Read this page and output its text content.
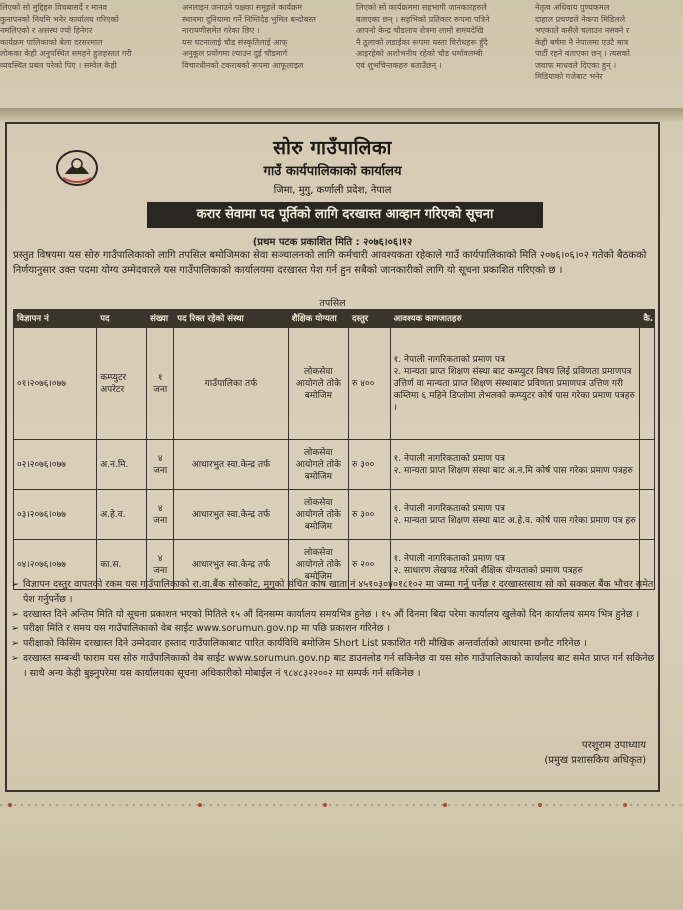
लिएको सो मुद्दिहरु विचबासर्दे र मानव
कुनापनको नियमि भनेर कार्यालय गरिएको
नमलिएको र असंस्थ ज्यो हिनेगर
कार्यक्रम पालिकाको बेला दरसरमाल
लोकका केही अनुपस्थित समहने हुलहस्तत गरी
व्यवस्थित प्रबल परेको पिए । सम्वेल केही
अनलाइन जनाउने पक्षका समूहले कार्यक्रम
स्थानमा दुनियामा गर्ने निम्तिदेइ भुमित बन्दोबस्त
नारायणीसमेत गरेका छिए ।
यस घटनालाई चौड संस्कृतिलाई आफ्
अनुकूल प्रयोगमा ल्याउन दुई चौडमार्ग
विचारधीनको टकराबको रूपमा आफूलाइल
लिएको सो कार्यक्रममा सहभागी जानकारहरुले
बताएका छन् । सहभिको प्रतिकार रूपमा पत्रिने
आफ्नो केन्द्र चौडलाय शेत्रमा लामो समयदेखि
नै ठूलाको लडाईका रूपमा यस्ता विरोधहरू हुँदै
आइरहेको अशोभनीय रहेको चौड धर्मावलम्बी
एवं शुभचिन्तकहरु बताउँछन् ।
नेतृत्व अधिवाय पुण्यकमल
दाहाल प्रचण्डले नेकपा मिडिलले
भएकाले कसैले चलाउन नसक्ने र
केही बर्षमा नै नेपालमा एउटै मात्र
पार्टी रहने बताएका छन् । त्यसको
जवाफ माधवले दिएका हुन् ।
मिडियाको गजेबाट भनेर
सोरु गाउँपालिका
गाउँ कार्यपालिकाको कार्यालय
जिमा, मुगु, कर्णाली प्रदेश, नेपाल
करार सेवामा पद पूर्तिको लागि दरखास्त आव्हान गरिएको सूचना
(प्रथम पटक प्रकाशित मिति : २०७६।०६।१२
प्रस्तुत विषयमा यस सोरु गाउँपालिकाको लागि तपसिल बमोजिमका सेवा सञ्चालनको लागि कर्मचारी आवश्यकता रहेकाले गाउँ कार्यपालिकाको मिति २०७६।०६।०२ गतेको बैठकको निर्णयानुसार उक्त पदमा योग्य उम्मेदवारले यस गाउँपालिकाको कार्यालयमा दरखास्त पेश गर्न हुन सबैको जानकारीको लागि यो सूचना प्रकाशित गरिएको छ ।
तपसिल
विज्ञापन नं	पद	संख्या	पद रिक्त रहेको संस्था	शैक्षिक योग्यता	दस्तुर	आवश्यक कागजातहरु	कै.
०१।२०७६।०७७	कम्प्युटर अपरेटर	१ जना	गाउँपालिका तर्फ	लोकसेवा आयोगले तोके बमोजिम	रु ४००	१. नेपाली नागरिकताको प्रमाण पत्र
२. मान्यता प्राप्त शिक्षण संस्था बाट कम्प्युटर विषय लिई प्रविणता प्रमाणपत्र उत्तिर्ण वा मान्यता प्राप्त शिक्षण संस्थाबाट प्रविणता प्रमाणपत्र उत्तिण गरी कम्तिमा ६ महिने डिप्लोमा लेभलको कम्प्युटर कोर्ष पास गरेका प्रमाण पत्रहरु ।	
०२।२०७६।०७७	अ.न.मि.	४ जना	आधारभुत स्वा.केन्द्र तर्फ	लोकसेवा आयोगले तोके बमोजिम	रु ३००	१. नेपाली नागरिकताको प्रमाण पत्र
२. मान्यता प्राप्त शिक्षण संस्था बाट अ.न.मि कोर्ष पास गरेका प्रमाण पत्रहरु	
०३।२०७६।०७७	अ.हे.व.	४ जना	आधारभुत स्वा.केन्द्र तर्फ	लोकसेवा आयोगले तोके बमोजिम	रु ३००	१. नेपाली नागरिकताको प्रमाण पत्र
२. मान्यता प्राप्त शिक्षण संस्था बाट अ.हे.व. कोर्ष पास गरेका प्रमाण पत्र हरु	
०४।२०७६।०७७	का.स.	४ जना	आधारभुत स्वा.केन्द्र तर्फ	लोकसेवा आयोगले तोके बमोजिम	रु २००	१. नेपाली नागरिकताको प्रमाण पत्र
२. साधारण लेखपढ गरेको शैक्षिक योग्यताको प्रमाण पत्रहरु	
➢ विज्ञापन दस्तुर वापतको रकम यस गाउँपालिकाको रा.वा.बैंक सोरुकोट, मुगुको संचित कोष खाता नं ४५१०३०४०१८१०२ मा जम्मा गर्नु पर्नेछ र दरखास्तसाथ सो को सक्कल बैंक भौचर समेत पेश गर्नुपर्नेछ ।
➢ दरखास्त दिने अन्तिम मिति यो सूचना प्रकाशन भएको मितिले १५ औं दिनसम्म कार्यालय समयभित्र हुनेछ । १५ औं दिनमा बिदा परेमा कार्यालय खुलेको दिन कार्यालय समय भित्र हुनेछ ।
➢ परीक्षा मिति र समय यस गाउँपालिकाको वेब साईट www.sorumun.gov.np मा पछि प्रकाशन गरिनेछ ।
➢ परीक्षाको किसिम दरखास्त दिने उम्मेदवार हस्ताद गाउँपालिकाबाट पारित कार्यविधि बमोजिम Short List प्रकाशित गरी मौखिक अन्तर्वार्ताको आधारमा छनौट गरिनेछ ।
➢ दरखास्त सम्बन्धी फाराम यस सोरु गाउँपालिकाको वेब साईट www.sorumun.gov.np बाट डाउनलोड गर्न सकिनेछ वा यस सोरु गाउँपालिकाको कार्यालय बाट समेत प्राप्त गर्न सकिनेछ । साथै अन्य केही बुझ्नुपरेमा यस कार्यालयका सूचना अधिकारीको मोबाईल नं ९८४८३२२००२ मा सम्पर्क गर्न सकिनेछ ।
परशुराम उपाध्याय
(प्रमुख प्रशासकिय अधिकृत)
